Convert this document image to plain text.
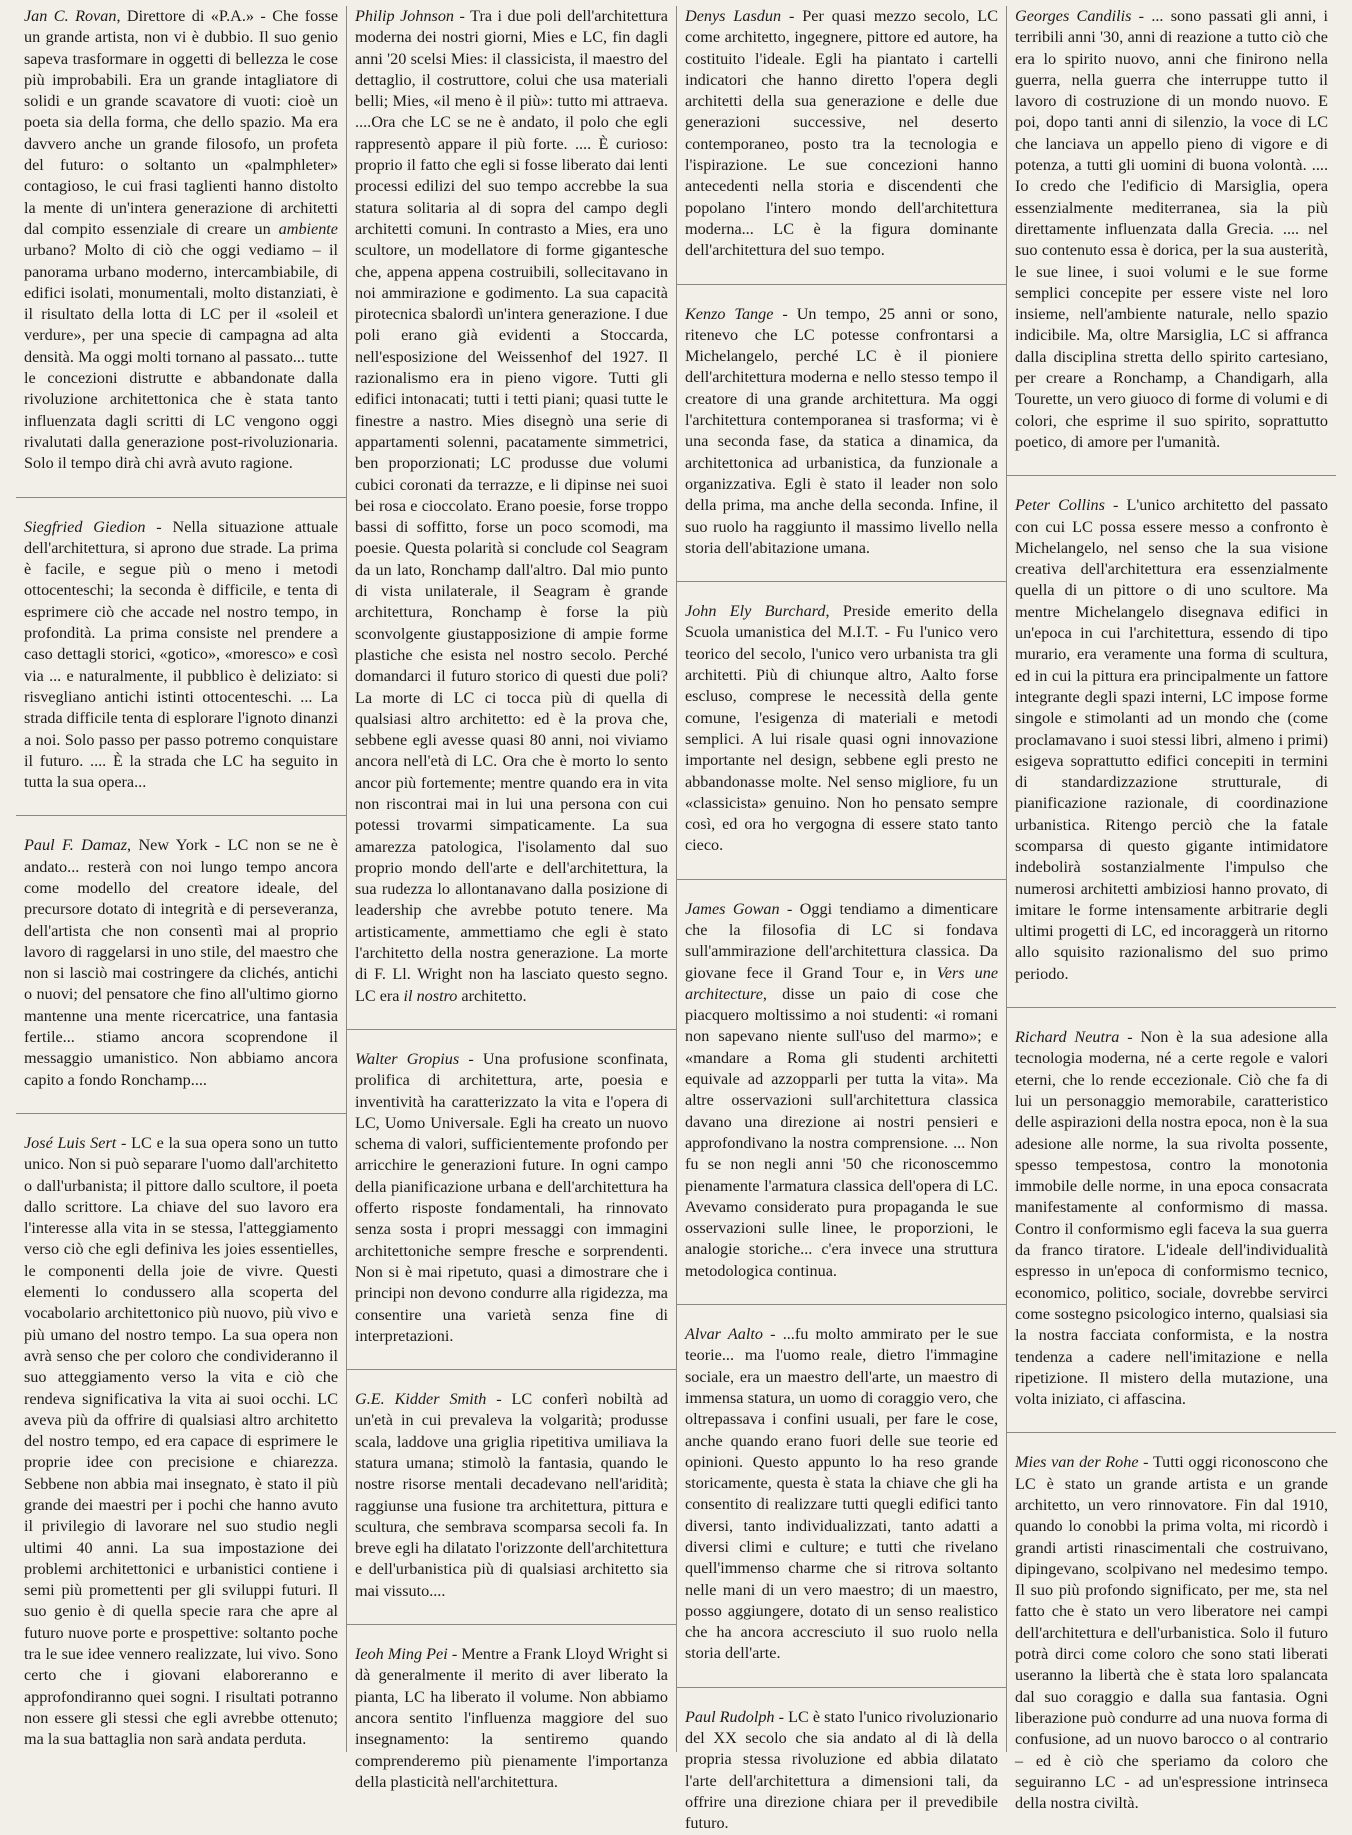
Jan C. Rovan, Direttore di «P.A.» - Che fosse un grande artista, non vi è dubbio. Il suo genio sapeva trasformare in oggetti di bellezza le cose più improbabili. Era un grande intagliatore di solidi e un grande scavatore di vuoti: cioè un poeta sia della forma, che dello spazio. Ma era davvero anche un grande filosofo, un profeta del futuro: o soltanto un «palmphleter» contagioso, le cui frasi taglienti hanno distolto la mente di un'intera generazione di architetti dal compito essenziale di creare un ambiente urbano? Molto di ciò che oggi vediamo – il panorama urbano moderno, intercambiabile, di edifici isolati, monumentali, molto distanziati, è il risultato della lotta di LC per il «soleil et verdure», per una specie di campagna ad alta densità. Ma oggi molti tornano al passato... tutte le concezioni distrutte e abbandonate dalla rivoluzione architettonica che è stata tanto influenzata dagli scritti di LC vengono oggi rivalutati dalla generazione post-rivoluzionaria. Solo il tempo dirà chi avrà avuto ragione.

Siegfried Giedion - Nella situazione attuale dell'architettura, si aprono due strade. La prima è facile, e segue più o meno i metodi ottocenteschi; la seconda è difficile, e tenta di esprimere ciò che accade nel nostro tempo, in profondità. La prima consiste nel prendere a caso dettagli storici, «gotico», «moresco» e così via ... e naturalmente, il pubblico è deliziato: si risvegliano antichi istinti ottocenteschi. ... La strada difficile tenta di esplorare l'ignoto dinanzi a noi. Solo passo per passo potremo conquistare il futuro. .... È la strada che LC ha seguito in tutta la sua opera...

Paul F. Damaz, New York - LC non se ne è andato... resterà con noi lungo tempo ancora come modello del creatore ideale, del precursore dotato di integrità e di perseveranza, dell'artista che non consentì mai al proprio lavoro di raggelarsi in uno stile, del maestro che non si lasciò mai costringere da clichés, antichi o nuovi; del pensatore che fino all'ultimo giorno mantenne una mente ricercatrice, una fantasia fertile... stiamo ancora scoprendone il messaggio umanistico. Non abbiamo ancora capito a fondo Ronchamp....

José Luis Sert - LC e la sua opera sono un tutto unico. Non si può separare l'uomo dall'architetto o dall'urbanista; il pittore dallo scultore, il poeta dallo scrittore. La chiave del suo lavoro era l'interesse alla vita in se stessa, l'atteggiamento verso ciò che egli definiva les joies essentielles, le componenti della joie de vivre. Questi elementi lo condussero alla scoperta del vocabolario architettonico più nuovo, più vivo e più umano del nostro tempo. La sua opera non avrà senso che per coloro che condivideranno il suo atteggiamento verso la vita e ciò che rendeva significativa la vita ai suoi occhi. LC aveva più da offrire di qualsiasi altro architetto del nostro tempo, ed era capace di esprimere le proprie idee con precisione e chiarezza. Sebbene non abbia mai insegnato, è stato il più grande dei maestri per i pochi che hanno avuto il privilegio di lavorare nel suo studio negli ultimi 40 anni. La sua impostazione dei problemi architettonici e urbanistici contiene i semi più promettenti per gli sviluppi futuri. Il suo genio è di quella specie rara che apre al futuro nuove porte e prospettive: soltanto poche tra le sue idee vennero realizzate, lui vivo. Sono certo che i giovani elaboreranno e approfondiranno quei sogni. I risultati potranno non essere gli stessi che egli avrebbe ottenuto; ma la sua battaglia non sarà andata perduta.

Philip Johnson - Tra i due poli dell'architettura moderna dei nostri giorni, Mies e LC, fin dagli anni '20 scelsi Mies: il classicista, il maestro del dettaglio, il costruttore, colui che usa materiali belli; Mies, «il meno è il più»: tutto mi attraeva. ....Ora che LC se ne è andato, il polo che egli rappresentò appare il più forte. .... È curioso: proprio il fatto che egli si fosse liberato dai lenti processi edilizi del suo tempo accrebbe la sua statura solitaria al di sopra del campo degli architetti comuni. In contrasto a Mies, era uno scultore, un modellatore di forme gigantesche che, appena appena costruibili, sollecitavano in noi ammirazione e godimento. La sua capacità pirotecnica sbalordì un'intera generazione. I due poli erano già evidenti a Stoccarda, nell'esposizione del Weissenhof del 1927. Il razionalismo era in pieno vigore. Tutti gli edifici intonacati; tutti i tetti piani; quasi tutte le finestre a nastro. Mies disegnò una serie di appartamenti solenni, pacatamente simmetrici, ben proporzionati; LC produsse due volumi cubici coronati da terrazze, e li dipinse nei suoi bei rosa e cioccolato. Erano poesie, forse troppo bassi di soffitto, forse un poco scomodi, ma poesie. Questa polarità si conclude col Seagram da un lato, Ronchamp dall'altro. Dal mio punto di vista unilaterale, il Seagram è grande architettura, Ronchamp è forse la più sconvolgente giustapposizione di ampie forme plastiche che esista nel nostro secolo. Perché domandarci il futuro storico di questi due poli? La morte di LC ci tocca più di quella di qualsiasi altro architetto: ed è la prova che, sebbene egli avesse quasi 80 anni, noi viviamo ancora nell'età di LC. Ora che è morto lo sento ancor più fortemente; mentre quando era in vita non riscontrai mai in lui una persona con cui potessi trovarmi simpaticamente. La sua amarezza patologica, l'isolamento dal suo proprio mondo dell'arte e dell'architettura, la sua rudezza lo allontanavano dalla posizione di leadership che avrebbe potuto tenere. Ma artisticamente, ammettiamo che egli è stato l'architetto della nostra generazione. La morte di F. Ll. Wright non ha lasciato questo segno. LC era il nostro architetto.

Walter Gropius - Una profusione sconfinata, prolifica di architettura, arte, poesia e inventività ha caratterizzato la vita e l'opera di LC, Uomo Universale. Egli ha creato un nuovo schema di valori, sufficientemente profondo per arricchire le generazioni future. In ogni campo della pianificazione urbana e dell'architettura ha offerto risposte fondamentali, ha rinnovato senza sosta i propri messaggi con immagini architettoniche sempre fresche e sorprendenti. Non si è mai ripetuto, quasi a dimostrare che i principi non devono condurre alla rigidezza, ma consentire una varietà senza fine di interpretazioni.

G.E. Kidder Smith - LC conferì nobiltà ad un'età in cui prevaleva la volgarità; produsse scala, laddove una griglia ripetitiva umiliava la statura umana; stimolò la fantasia, quando le nostre risorse mentali decadevano nell'aridità; raggiunse una fusione tra architettura, pittura e scultura, che sembrava scomparsa secoli fa. In breve egli ha dilatato l'orizzonte dell'architettura e dell'urbanistica più di qualsiasi architetto sia mai vissuto....

Ieoh Ming Pei - Mentre a Frank Lloyd Wright si dà generalmente il merito di aver liberato la pianta, LC ha liberato il volume. Non abbiamo ancora sentito l'influenza maggiore del suo insegnamento: la sentiremo quando comprenderemo più pienamente l'importanza della plasticità nell'architettura.

Denys Lasdun - Per quasi mezzo secolo, LC come architetto, ingegnere, pittore ed autore, ha costituito l'ideale. Egli ha piantato i cartelli indicatori che hanno diretto l'opera degli architetti della sua generazione e delle due generazioni successive, nel deserto contemporaneo, posto tra la tecnologia e l'ispirazione. Le sue concezioni hanno antecedenti nella storia e discendenti che popolano l'intero mondo dell'architettura moderna... LC è la figura dominante dell'architettura del suo tempo.

Kenzo Tange - Un tempo, 25 anni or sono, ritenevo che LC potesse confrontarsi a Michelangelo, perché LC è il pioniere dell'architettura moderna e nello stesso tempo il creatore di una grande architettura. Ma oggi l'architettura contemporanea si trasforma; vi è una seconda fase, da statica a dinamica, da architettonica ad urbanistica, da funzionale a organizzativa. Egli è stato il leader non solo della prima, ma anche della seconda. Infine, il suo ruolo ha raggiunto il massimo livello nella storia dell'abitazione umana.

John Ely Burchard, Preside emerito della Scuola umanistica del M.I.T. - Fu l'unico vero teorico del secolo, l'unico vero urbanista tra gli architetti. Più di chiunque altro, Aalto forse escluso, compresе le necessità della gente comune, l'esigenza di materiali e metodi semplici. A lui risale quasi ogni innovazione importante nel design, sebbene egli presto ne abbandonasse molte. Nel senso migliore, fu un «classicista» genuino. Non ho pensato sempre così, ed ora ho vergogna di essere stato tanto cieco.

James Gowan - Oggi tendiamo a dimenticare che la filosofia di LC si fondava sull'ammirazione dell'architettura classica. Da giovane fece il Grand Tour e, in Vers une architecture, disse un paio di cose che piacquero moltissimo a noi studenti: «i romani non sapevano niente sull'uso del marmo»; e «mandare a Roma gli studenti architetti equivale ad azzopparli per tutta la vita». Ma altre osservazioni sull'architettura classica davano una direzione ai nostri pensieri e approfondivano la nostra comprensione. ... Non fu se non negli anni '50 che riconoscemmo pienamente l'armatura classica dell'opera di LC. Avevamo considerato pura propaganda le sue osservazioni sulle linee, le proporzioni, le analogie storiche... c'era invece una struttura metodologica continua.

Alvar Aalto - ...fu molto ammirato per le sue teorie... ma l'uomo reale, dietro l'immagine sociale, era un maestro dell'arte, un maestro di immensa statura, un uomo di coraggio vero, che oltrepassava i confini usuali, per fare le cose, anche quando erano fuori delle sue teorie ed opinioni. Questo appunto lo ha reso grande storicamente, questa è stata la chiave che gli ha consentito di realizzare tutti quegli edifici tanto diversi, tanto individualizzati, tanto adatti a diversi climi e culture; e tutti che rivelano quell'immenso charme che si ritrova soltanto nelle mani di un vero maestro; di un maestro, posso aggiungere, dotato di un senso realistico che ha ancora accresciuto il suo ruolo nella storia dell'arte.

Paul Rudolph - LC è stato l'unico rivoluzionario del XX secolo che sia andato al di là della propria stessa rivoluzione ed abbia dilatato l'arte dell'architettura a dimensioni tali, da offrire una direzione chiara per il prevedibile futuro.

Georges Candilis - ... sono passati gli anni, i terribili anni '30, anni di reazione a tutto ciò che era lo spirito nuovo, anni che finirono nella guerra, nella guerra che interruppe tutto il lavoro di costruzione di un mondo nuovo. E poi, dopo tanti anni di silenzio, la voce di LC che lanciava un appello pieno di vigore e di potenza, a tutti gli uomini di buona volontà. .... Io credo che l'edificio di Marsiglia, opera essenzialmente mediterranea, sia la più direttamente influenzata dalla Grecia. .... nel suo contenuto essa è dorica, per la sua austerità, le sue linee, i suoi volumi e le sue forme semplici concepite per essere viste nel loro insieme, nell'ambiente naturale, nello spazio indicibile. Ma, oltre Marsiglia, LC si affranca dalla disciplina stretta dello spirito cartesiano, per creare a Ronchamp, a Chandigarh, alla Tourette, un vero giuoco di forme di volumi e di colori, che esprime il suo spirito, soprattutto poetico, di amore per l'umanità.

Peter Collins - L'unico architetto del passato con cui LC possa essere messo a confronto è Michelangelo, nel senso che la sua visione creativa dell'architettura era essenzialmente quella di un pittore o di uno scultore. Ma mentre Michelangelo disegnava edifici in un'epoca in cui l'architettura, essendo di tipo murario, era veramente una forma di scultura, ed in cui la pittura era principalmente un fattore integrante degli spazi interni, LC impose forme singole e stimolanti ad un mondo che (come proclamavano i suoi stessi libri, almeno i primi) esigeva soprattutto edifici concepiti in termini di standardizzazione strutturale, di pianificazione razionale, di coordinazione urbanistica. Ritengo perciò che la fatale scomparsa di questo gigante intimidatore indebolirà sostanzialmente l'impulso che numerosi architetti ambiziosi hanno provato, di imitare le forme intensamente arbitrarie degli ultimi progetti di LC, ed incoraggerà un ritorno allo squisito razionalismo del suo primo periodo.

Richard Neutra - Non è la sua adesione alla tecnologia moderna, né a certe regole e valori eterni, che lo rende eccezionale. Ciò che fa di lui un personaggio memorabile, caratteristico delle aspirazioni della nostra epoca, non è la sua adesione alle norme, la sua rivolta possente, spesso tempestosa, contro la monotonia immobile delle norme, in una epoca consacrata manifestamente al conformismo di massa. Contro il conformismo egli faceva la sua guerra da franco tiratore. L'ideale dell'individualità espresso in un'epoca di conformismo tecnico, economico, politico, sociale, dovrebbe servirci come sostegno psicologico interno, qualsiasi sia la nostra facciata conformista, e la nostra tendenza a cadere nell'imitazione e nella ripetizione. Il mistero della mutazione, una volta iniziato, ci affascina.

Mies van der Rohe - Tutti oggi riconoscono che LC è stato un grande artista e un grande architetto, un vero rinnovatore. Fin dal 1910, quando lo conobbi la prima volta, mi ricordò i grandi artisti rinascimentali che costruivano, dipingevano, scolpivano nel medesimo tempo. Il suo più profondo significato, per me, sta nel fatto che è stato un vero liberatore nei campi dell'architettura e dell'urbanistica. Solo il futuro potrà dirci come coloro che sono stati liberati useranno la libertà che è stata loro spalancata dal suo coraggio e dalla sua fantasia. Ogni liberazione può condurre ad una nuova forma di confusione, ad un nuovo barocco o al contrario – ed è ciò che speriamo da coloro che seguiranno LC - ad un'espressione intrinseca della nostra civiltà.
